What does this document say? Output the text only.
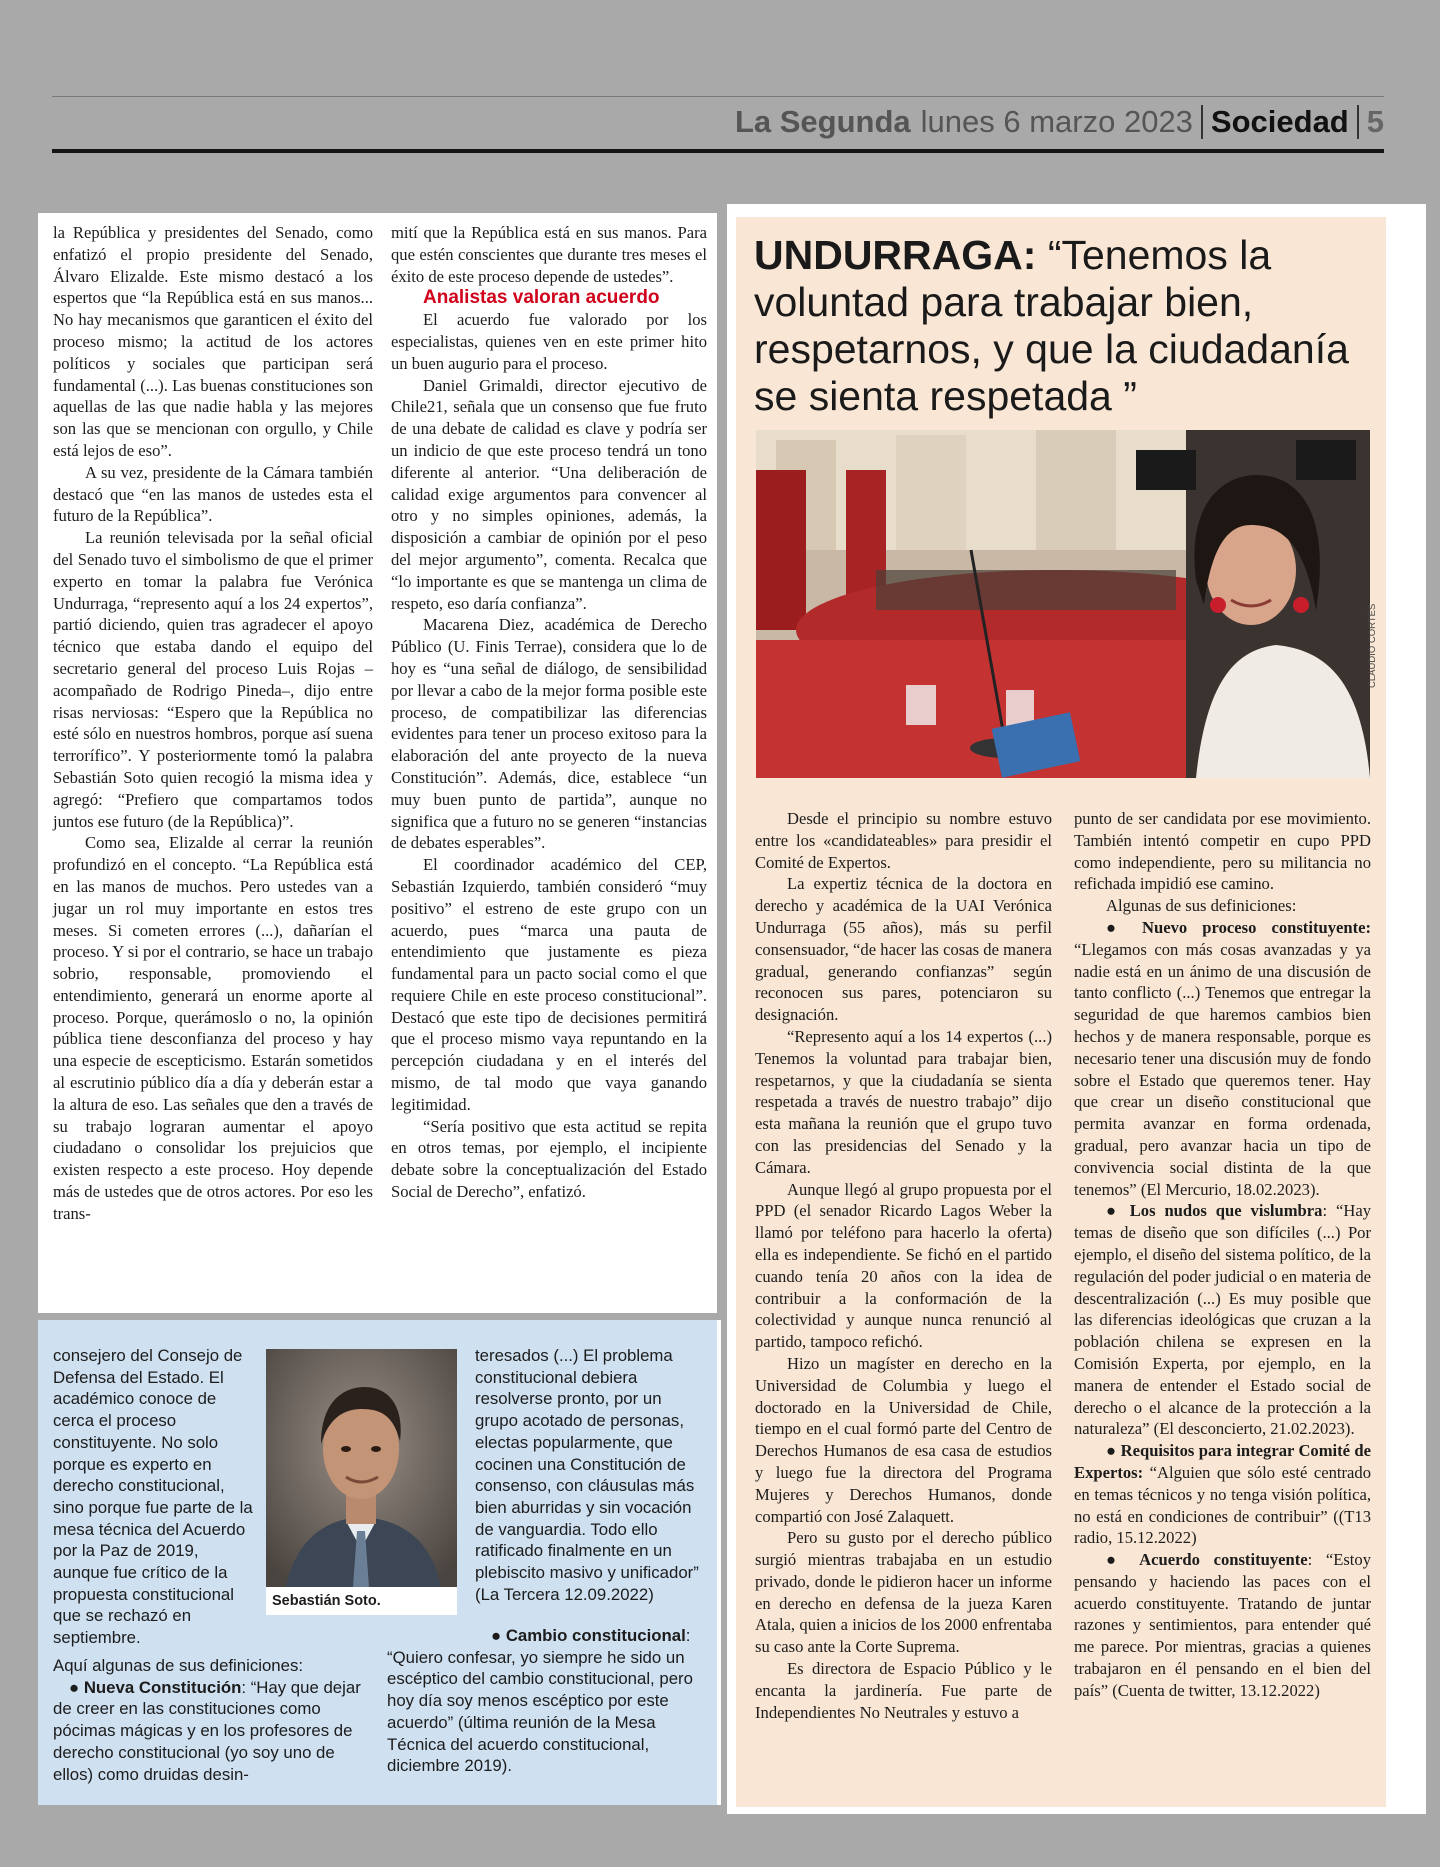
La Segunda lunes 6 marzo 2023 Sociedad 5

la República y presidentes del Senado, como enfatizó el propio presidente del Senado, Álvaro Elizalde. Este mismo destacó a los espertos que “la República está en sus manos... No hay mecanismos que garanticen el éxito del proceso mismo; la actitud de los actores políticos y sociales que participan será fundamental (...). Las buenas constituciones son aquellas de las que nadie habla y las mejores son las que se mencionan con orgullo, y Chile está lejos de eso”.

A su vez, presidente de la Cámara también destacó que “en las manos de ustedes esta el futuro de la República”.

La reunión televisada por la señal oficial del Senado tuvo el simbolismo de que el primer experto en tomar la palabra fue Verónica Undurraga, “represento aquí a los 24 expertos”, partió diciendo, quien tras agradecer el apoyo técnico que estaba dando el equipo del secretario general del proceso Luis Rojas –acompañado de Rodrigo Pineda–, dijo entre risas nerviosas: “Espero que la República no esté sólo en nuestros hombros, porque así suena terrorífico”. Y posteriormente tomó la palabra Sebastián Soto quien recogió la misma idea y agregó: “Prefiero que compartamos todos juntos ese futuro (de la República)”.

Como sea, Elizalde al cerrar la reunión profundizó en el concepto. “La República está en las manos de muchos. Pero ustedes van a jugar un rol muy importante en estos tres meses. Si cometen errores (...), dañarían el proceso. Y si por el contrario, se hace un trabajo sobrio, responsable, promoviendo el entendimiento, generará un enorme aporte al proceso. Porque, querámoslo o no, la opinión pública tiene desconfianza del proceso y hay una especie de escepticismo. Estarán sometidos al escrutinio público día a día y deberán estar a la altura de eso. Las señales que den a través de su trabajo lograran aumentar el apoyo ciudadano o consolidar los prejuicios que existen respecto a este proceso. Hoy depende más de ustedes que de otros actores. Por eso les trans-

mití que la República está en sus manos. Para que estén conscientes que durante tres meses el éxito de este proceso depende de ustedes”.

Analistas valoran acuerdo

El acuerdo fue valorado por los especialistas, quienes ven en este primer hito un buen augurio para el proceso.

Daniel Grimaldi, director ejecutivo de Chile21, señala que un consenso que fue fruto de una debate de calidad es clave y podría ser un indicio de que este proceso tendrá un tono diferente al anterior. “Una deliberación de calidad exige argumentos para convencer al otro y no simples opiniones, además, la disposición a cambiar de opinión por el peso del mejor argumento”, comenta. Recalca que “lo importante es que se mantenga un clima de respeto, eso daría confianza”.

Macarena Diez, académica de Derecho Público (U. Finis Terrae), considera que lo de hoy es “una señal de diálogo, de sensibilidad por llevar a cabo de la mejor forma posible este proceso, de compatibilizar las diferencias evidentes para tener un proceso exitoso para la elaboración del ante proyecto de la nueva Constitución”. Además, dice, establece “un muy buen punto de partida”, aunque no significa que a futuro no se generen “instancias de debates esperables”.

El coordinador académico del CEP, Sebastián Izquierdo, también consideró “muy positivo” el estreno de este grupo con un acuerdo, pues “marca una pauta de entendimiento que justamente es pieza fundamental para un pacto social como el que requiere Chile en este proceso constitucional”. Destacó que este tipo de decisiones permitirá que el proceso mismo vaya repuntando en la percepción ciudadana y en el interés del mismo, de tal modo que vaya ganando legitimidad.

“Sería positivo que esta actitud se repita en otros temas, por ejemplo, el incipiente debate sobre la conceptualización del Estado Social de Derecho”, enfatizó.

consejero del Consejo de Defensa del Estado. El académico conoce de cerca el proceso constituyente. No solo porque es experto en derecho constitucional, sino porque fue parte de la mesa técnica del Acuerdo por la Paz de 2019, aunque fue crítico de la propuesta constitucional que se rechazó en septiembre.

Aquí algunas de sus definiciones:

● Nueva Constitución: “Hay que dejar de creer en las constituciones como pócimas mágicas y en los profesores de derecho constitucional (yo soy uno de ellos) como druidas desin-

Sebastián Soto.

teresados (...) El problema constitucional debiera resolverse pronto, por un grupo acotado de personas, electas popularmente, que cocinen una Constitución de consenso, con cláusulas más bien aburridas y sin vocación de vanguardia. Todo ello ratificado finalmente en un plebiscito masivo y unificador” (La Tercera 12.09.2022)

● Cambio constitucional: “Quiero confesar, yo siempre he sido un escéptico del cambio constitucional, pero hoy día soy menos escéptico por este acuerdo” (última reunión de la Mesa Técnica del acuerdo constitucional, diciembre 2019).

UNDURRAGA: “Tenemos la voluntad para trabajar bien, respetarnos, y que la ciudadanía se sienta respetada ”
CLAUDIO CORTÉS

Desde el principio su nombre estuvo entre los «candidateables» para presidir el Comité de Expertos.

La expertiz técnica de la doctora en derecho y académica de la UAI Verónica Undurraga (55 años), más su perfil consensuador, “de hacer las cosas de manera gradual, generando confianzas” según reconocen sus pares, potenciaron su designación.

“Represento aquí a los 14 expertos (...) Tenemos la voluntad para trabajar bien, respetarnos, y que la ciudadanía se sienta respetada a través de nuestro trabajo” dijo esta mañana la reunión que el grupo tuvo con las presidencias del Senado y la Cámara.

Aunque llegó al grupo propuesta por el PPD (el senador Ricardo Lagos Weber la llamó por teléfono para hacerlo la oferta) ella es independiente. Se fichó en el partido cuando tenía 20 años con la idea de contribuir a la conformación de la colectividad y aunque nunca renunció al partido, tampoco refichó.

Hizo un magíster en derecho en la Universidad de Columbia y luego el doctorado en la Universidad de Chile, tiempo en el cual formó parte del Centro de Derechos Humanos de esa casa de estudios y luego fue la directora del Programa Mujeres y Derechos Humanos, donde compartió con José Zalaquett.

Pero su gusto por el derecho público surgió mientras trabajaba en un estudio privado, donde le pidieron hacer un informe en derecho en defensa de la jueza Karen Atala, quien a inicios de los 2000 enfrentaba su caso ante la Corte Suprema.

Es directora de Espacio Público y le encanta la jardinería. Fue parte de Independientes No Neutrales y estuvo a

punto de ser candidata por ese movimiento. También intentó competir en cupo PPD como independiente, pero su militancia no refichada impidió ese camino.

Algunas de sus definiciones:

● Nuevo proceso constituyente: “Llegamos con más cosas avanzadas y ya nadie está en un ánimo de una discusión de tanto conflicto (...) Tenemos que entregar la seguridad de que haremos cambios bien hechos y de manera responsable, porque es necesario tener una discusión muy de fondo sobre el Estado que queremos tener. Hay que crear un diseño constitucional que permita avanzar en forma ordenada, gradual, pero avanzar hacia un tipo de convivencia social distinta de la que tenemos” (El Mercurio, 18.02.2023).

● Los nudos que vislumbra: “Hay temas de diseño que son difíciles (...) Por ejemplo, el diseño del sistema político, de la regulación del poder judicial o en materia de descentralización (...) Es muy posible que las diferencias ideológicas que cruzan a la población chilena se expresen en la Comisión Experta, por ejemplo, en la manera de entender el Estado social de derecho o el alcance de la protección a la naturaleza” (El desconcierto, 21.02.2023).

● Requisitos para integrar Comité de Expertos: “Alguien que sólo esté centrado en temas técnicos y no tenga visión política, no está en condiciones de contribuir” ((T13 radio, 15.12.2022)

● Acuerdo constituyente: “Estoy pensando y haciendo las paces con el acuerdo constituyente. Tratando de juntar razones y sentimientos, para entender qué me parece. Por mientras, gracias a quienes trabajaron en él pensando en el bien del país” (Cuenta de twitter, 13.12.2022)
